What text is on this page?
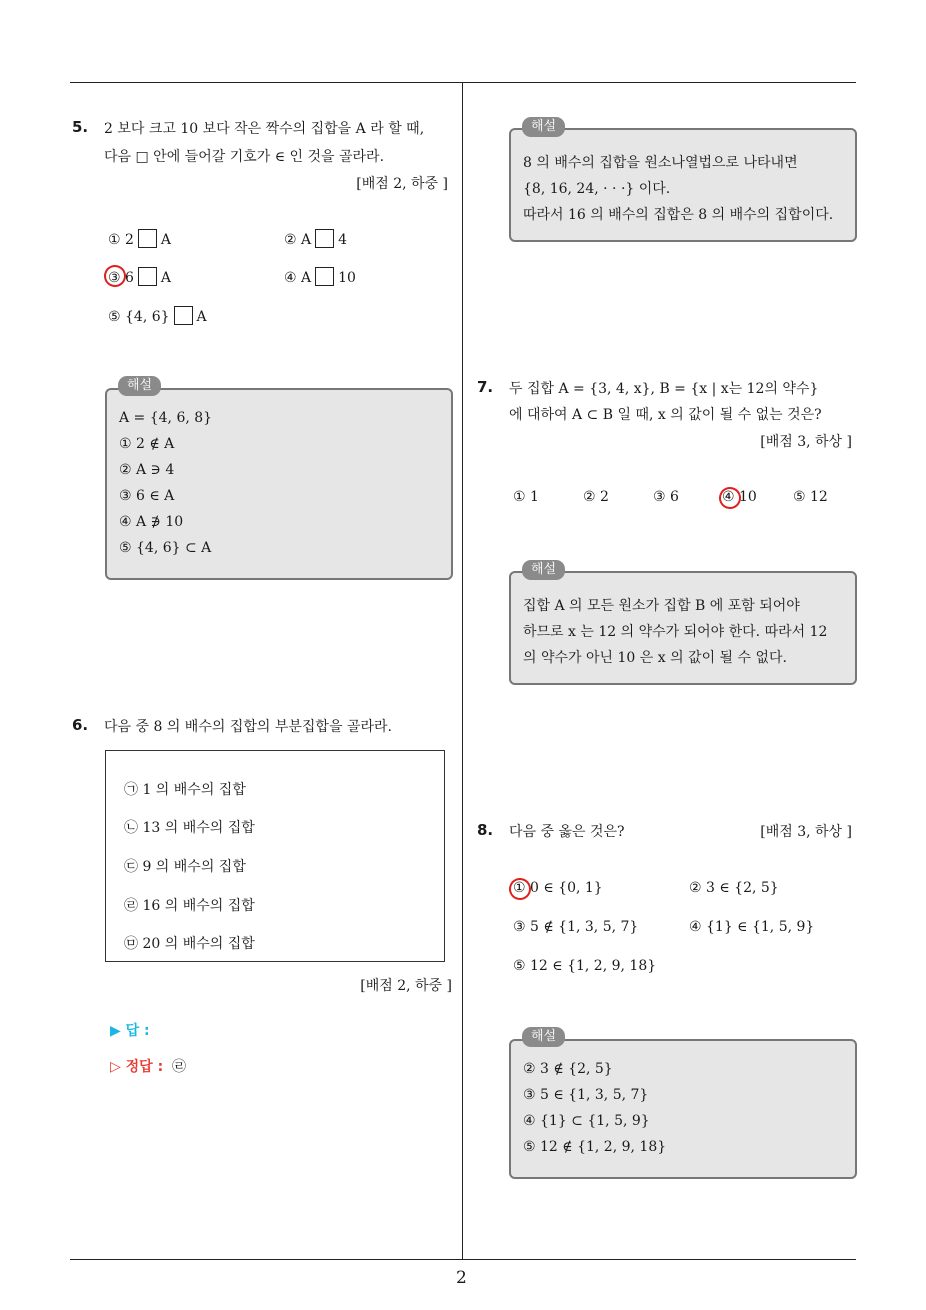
5. 2 보다 크고 10 보다 작은 짝수의 집합을 A 라 할 때,
다음 □ 안에 들어갈 기호가 ∈ 인 것을 골라라.
[배점 2, 하중 ]
① 2 A	② A 4
③ 6 A	④ A 10
⑤ {4, 6} A
A = {4, 6, 8}
① 2 ∉ A
② A ∋ 4
③ 6 ∈ A
④ A ∌ 10
⑤ {4, 6} ⊂ A
해설
6. 다음 중 8 의 배수의 집합의 부분집합을 골라라.
㉠ 1 의 배수의 집합
㉡ 13 의 배수의 집합
㉢ 9 의 배수의 집합
㉣ 16 의 배수의 집합
㉤ 20 의 배수의 집합
[배점 2, 하중 ]
▶ 답 :
▷ 정답 : ㉣
8 의 배수의 집합을 원소나열법으로 나타내면
{8, 16, 24, · · ·} 이다.
따라서 16 의 배수의 집합은 8 의 배수의 집합이다.
해설
7. 두 집합 A = {3, 4, x}, B = {x | x는 12의 약수}
에 대하여 A ⊂ B 일 때, x 의 값이 될 수 없는 것은?
[배점 3, 하상 ]
① 1	② 2	③ 6	④ 10	⑤ 12
집합 A 의 모든 원소가 집합 B 에 포함 되어야
하므로 x 는 12 의 약수가 되어야 한다. 따라서 12
의 약수가 아닌 10 은 x 의 값이 될 수 없다.
해설
8. 다음 중 옳은 것은?	[배점 3, 하상 ]
① 0 ∈ {0, 1}	② 3 ∈ {2, 5}
③ 5 ∉ {1, 3, 5, 7}	④ {1} ∈ {1, 5, 9}
⑤ 12 ∈ {1, 2, 9, 18}
② 3 ∉ {2, 5}
③ 5 ∈ {1, 3, 5, 7}
④ {1} ⊂ {1, 5, 9}
⑤ 12 ∉ {1, 2, 9, 18}
해설
2
